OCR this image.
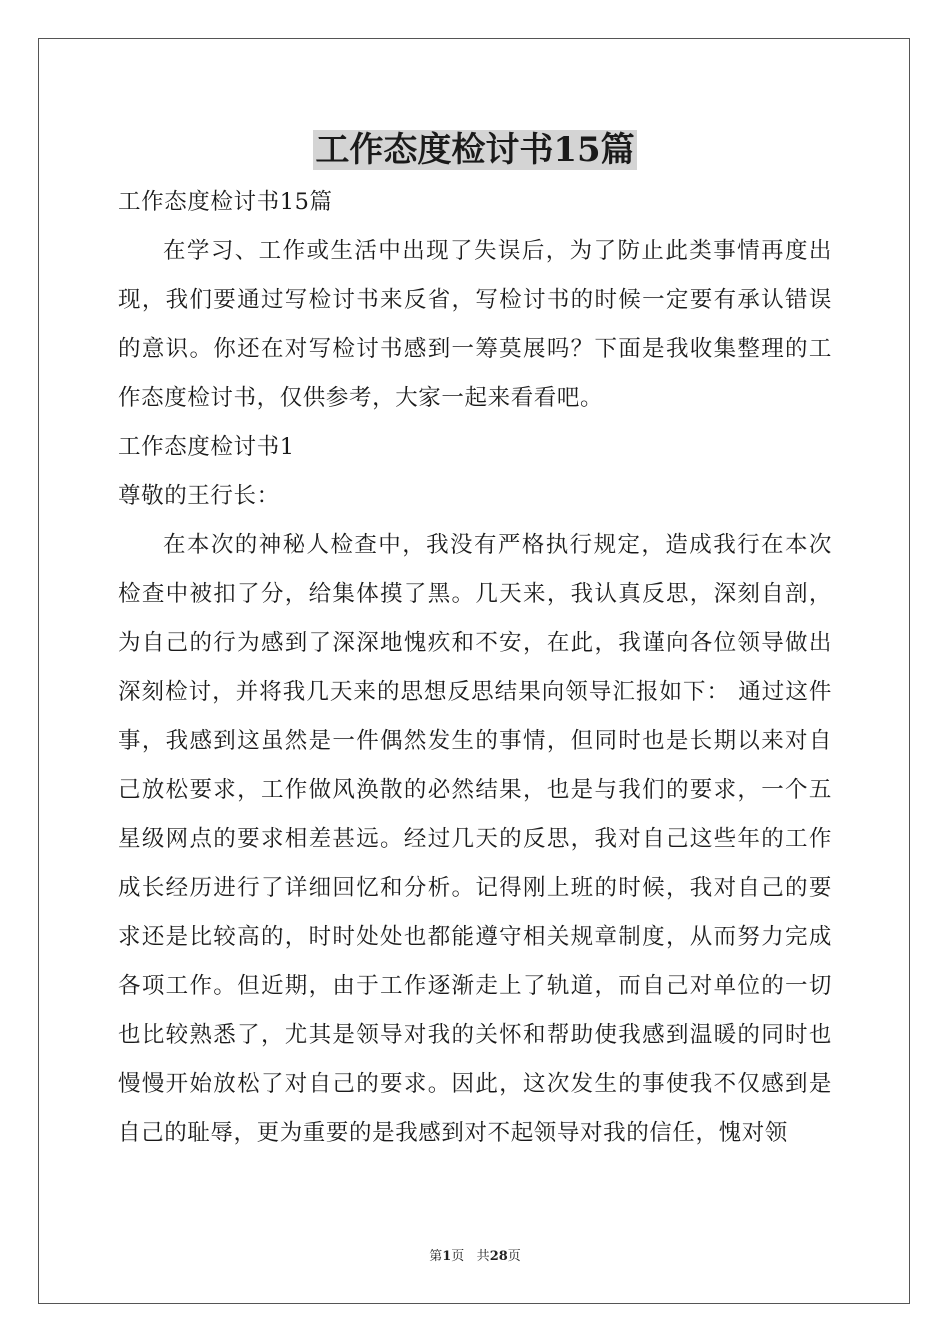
工作态度检讨书15篇

工作态度检讨书15篇

在学习、工作或生活中出现了失误后，为了防止此类事情再度出现，我们要通过写检讨书来反省，写检讨书的时候一定要有承认错误的意识。你还在对写检讨书感到一筹莫展吗？下面是我收集整理的工作态度检讨书，仅供参考，大家一起来看看吧。

工作态度检讨书1

尊敬的王行长：

在本次的神秘人检查中，我没有严格执行规定，造成我行在本次检查中被扣了分，给集体摸了黑。几天来，我认真反思，深刻自剖，为自己的行为感到了深深地愧疚和不安，在此，我谨向各位领导做出深刻检讨，并将我几天来的思想反思结果向领导汇报如下： 通过这件事，我感到这虽然是一件偶然发生的事情，但同时也是长期以来对自己放松要求，工作做风涣散的必然结果，也是与我们的要求，一个五星级网点的要求相差甚远。经过几天的反思，我对自己这些年的工作成长经历进行了详细回忆和分析。记得刚上班的时候，我对自己的要求还是比较高的，时时处处也都能遵守相关规章制度，从而努力完成各项工作。但近期，由于工作逐渐走上了轨道，而自己对单位的一切也比较熟悉了，尤其是领导对我的关怀和帮助使我感到温暖的同时也慢慢开始放松了对自己的要求。因此，这次发生的事使我不仅感到是自己的耻辱，更为重要的是我感到对不起领导对我的信任，愧对领

第1页 共28页
